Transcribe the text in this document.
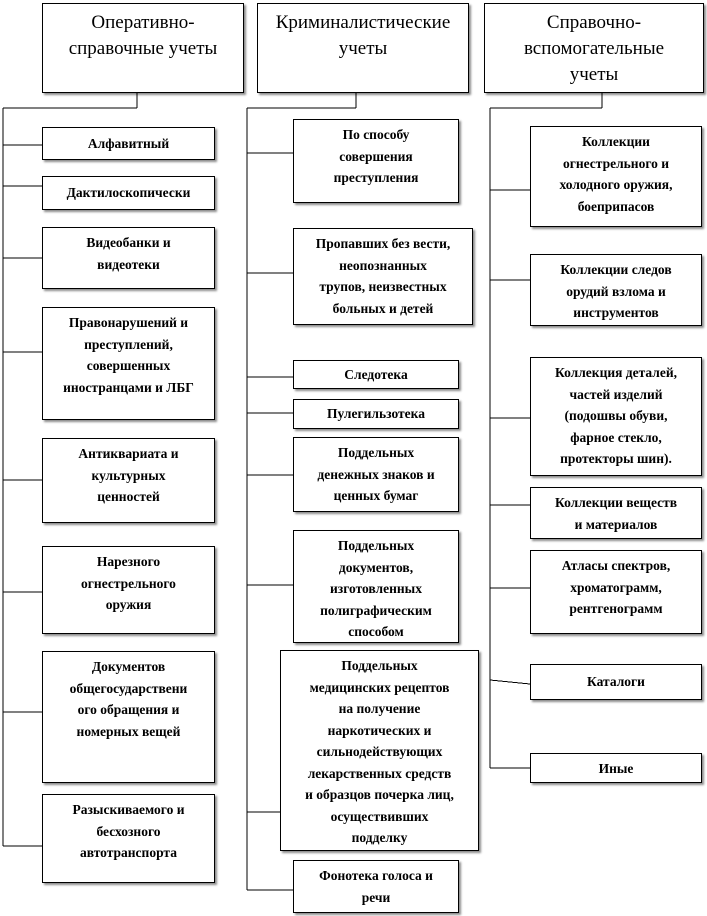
Оперативно-
справочные учеты
Криминалистические
учеты
Справочно-
вспомогательные
учеты
Алфавитный
Дактилоскопически
Видеобанки и
видеотеки
Правонарушений и
преступлений,
совершенных
иностранцами и ЛБГ
Антиквариата и
культурных
ценностей
Нарезного
огнестрельного
оружия
Документов
общегосударствени
ого обращения и
номерных вещей
Разыскиваемого и
бесхозного
автотранспорта
По способу
совершения
преступления
Пропавших без вести,
неопознанных
трупов, неизвестных
больных и детей
Следотека
Пулегильзотека
Поддельных
денежных знаков и
ценных бумаг
Поддельных
документов,
изготовленных
полиграфическим
способом
Поддельных
медицинских рецептов
на получение
наркотических и
сильнодействующих
лекарственных средств
и образцов почерка лиц,
осуществивших
подделку
Фонотека голоса и
речи
Коллекции
огнестрельного и
холодного оружия,
боеприпасов
Коллекции следов
орудий взлома и
инструментов
Коллекция деталей,
частей изделий
(подошвы обуви,
фарное стекло,
протекторы шин).
Коллекции веществ
и материалов
Атласы спектров,
хроматограмм,
рентгенограмм
Каталоги
Иные
